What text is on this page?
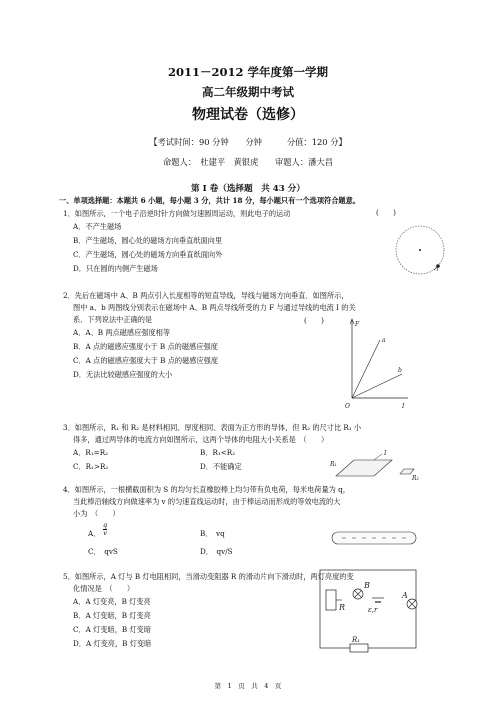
2011－2012 学年度第一学期
高二年级期中考试
物理试卷（选修）
【考试时间：90 分钟　　分钟　　　分值：120 分】
命题人：　杜建平　黄银虎　　审题人：潘大昌
第 I 卷（选择题　共 43 分）
一、单项选择题：本题共 6 小题，每小题 3 分，共计 18 分，每小题只有一个选项符合题意。
1．如图所示，一个电子沿逆时针方向做匀速圆周运动，则此电子的运动	(　　)
A．不产生磁场
B．产生磁场，圆心处的磁场方向垂直纸面向里
C．产生磁场，圆心处的磁场方向垂直纸面向外
D．只在圆的内侧产生磁场
2．先后在磁场中 A、B 两点引入长度相等的短直导线，导线与磁场方向垂直．如图所示，
图中 a、b 两图线分别表示在磁场中 A、B 两点导线所受的力 F 与通过导线的电流 I 的关
系．下列说法中正确的是	(　　)
A．A、B 两点磁感应强度相等
B．A 点的磁感应强度小于 B 点的磁感应强度
C．A 点的磁感应强度大于 B 点的磁感应强度
D．无法比较磁感应强度的大小
F
I
O
a
b
3．如图所示，R₁ 和 R₂ 是材料相同、厚度相同、表面为正方形的导体，但 R₂ 的尺寸比 R₁ 小
得多，通过两导体的电流方向如图所示，这两个导体的电阻大小关系是　（　　）
A．R₁=R₂	B．R₁<R₂
C．R₁>R₂	D．不能确定	R₁
R₂
I
4．如图所示，一根横截面积为 S 的均匀长直橡胶棒上均匀带有负电荷，每米电荷量为 q，
当此棒沿轴线方向做速率为 v 的匀速直线运动时，由于棒运动而形成的等效电流的大
小为　（　　）
A． $\frac{q}{v}$	B．　vq
C．　qvS	D．　qv/S
5．如图所示，A 灯与 B 灯电阻相同，当滑动变阻器 R 的滑动片向下滑动时，两灯亮度的变
化情况是　（　　）
A．A 灯变亮，B 灯变亮
B．A 灯变暗，B 灯变亮
C．A 灯变暗，B 灯变暗
D．A 灯变亮，B 灯变暗
R
B
A
ε,r
R₁
第　1　页　共　4　页
